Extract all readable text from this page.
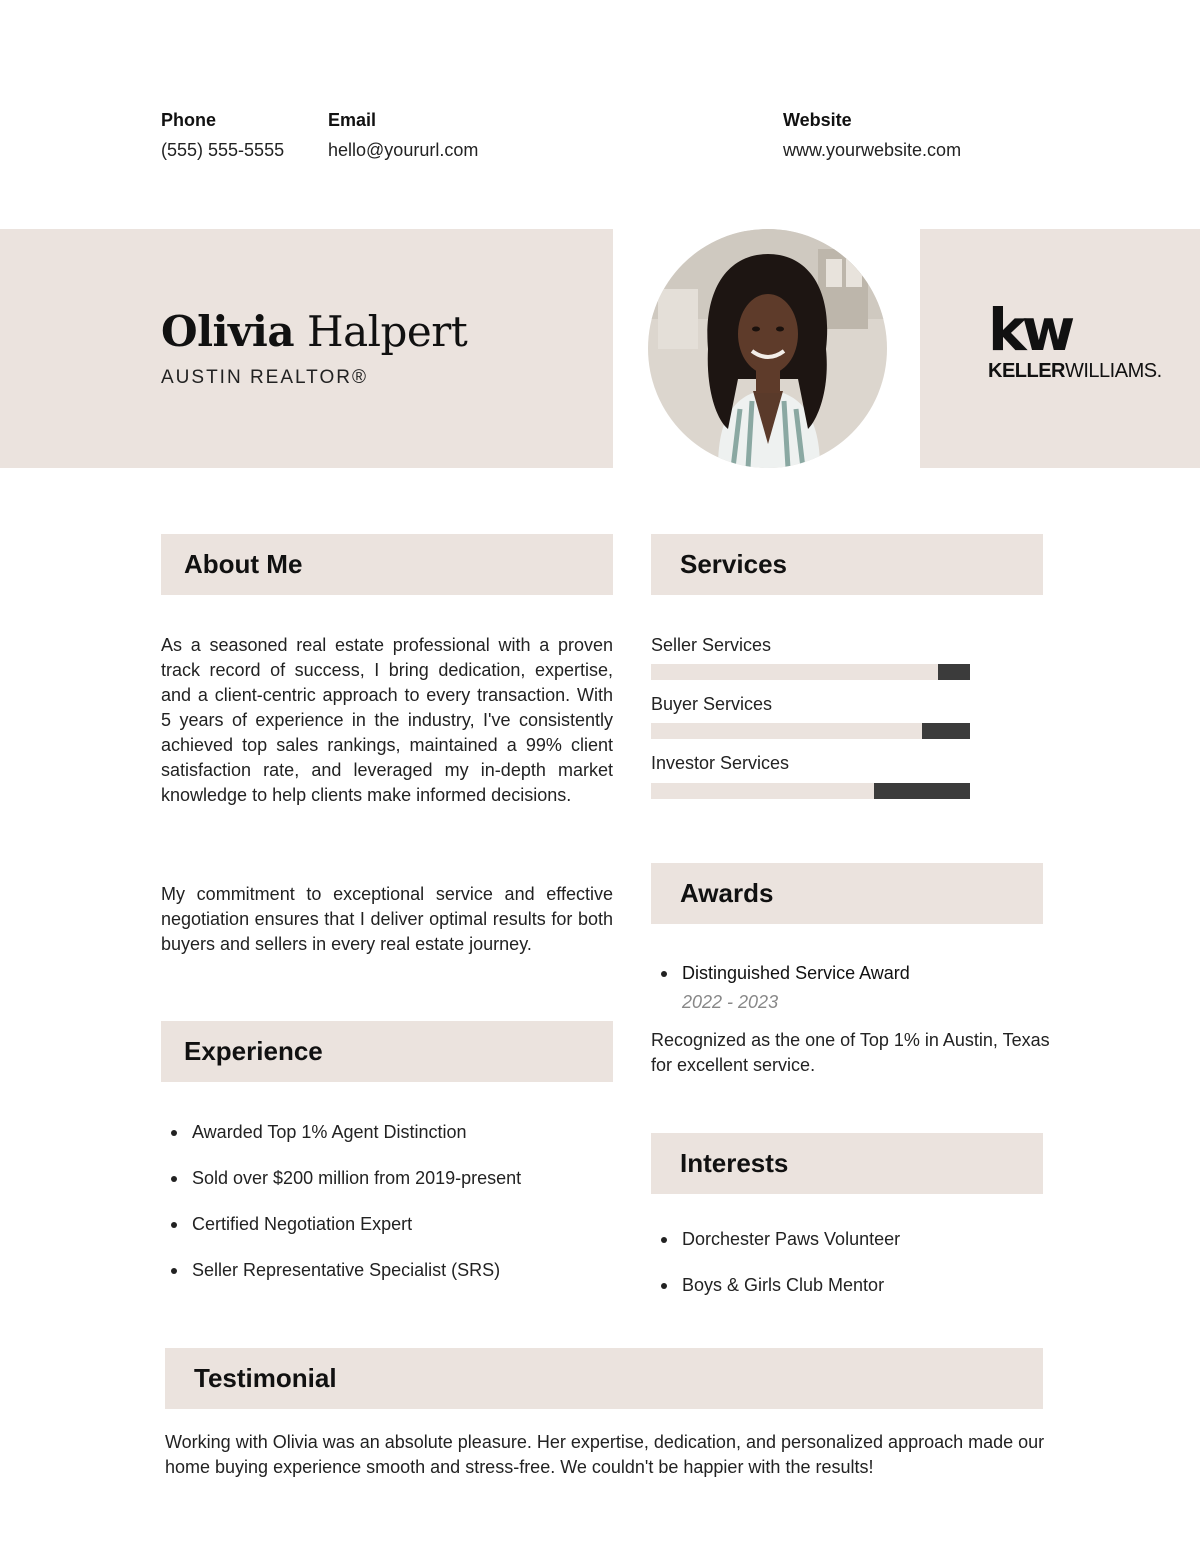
Phone
(555) 555-5555
Email
hello@yoururl.com
Website
www.yourwebsite.com
Olivia Halpert
AUSTIN REALTOR®
kw
KELLERWILLIAMS.
About Me
As a seasoned real estate professional with a proven track record of success, I bring dedication, expertise, and a client-centric approach to every transaction. With 5 years of experience in the industry, I've consistently achieved top sales rankings, maintained a 99% client satisfaction rate, and leveraged my in-depth market knowledge to help clients make informed decisions.
My commitment to exceptional service and effective negotiation ensures that I deliver optimal results for both buyers and sellers in every real estate journey.
Experience
Awarded Top 1% Agent Distinction
Sold over $200 million from 2019-present
Certified Negotiation Expert
Seller Representative Specialist (SRS)
Services
Seller Services
Buyer Services
Investor Services
Awards
Distinguished Service Award
2022 - 2023
Recognized as the one of Top 1% in Austin, Texas for excellent service.
Interests
Dorchester Paws Volunteer
Boys & Girls Club Mentor
Testimonial
Working with Olivia was an absolute pleasure. Her expertise, dedication, and personalized approach made our home buying experience smooth and stress-free. We couldn't be happier with the results!
